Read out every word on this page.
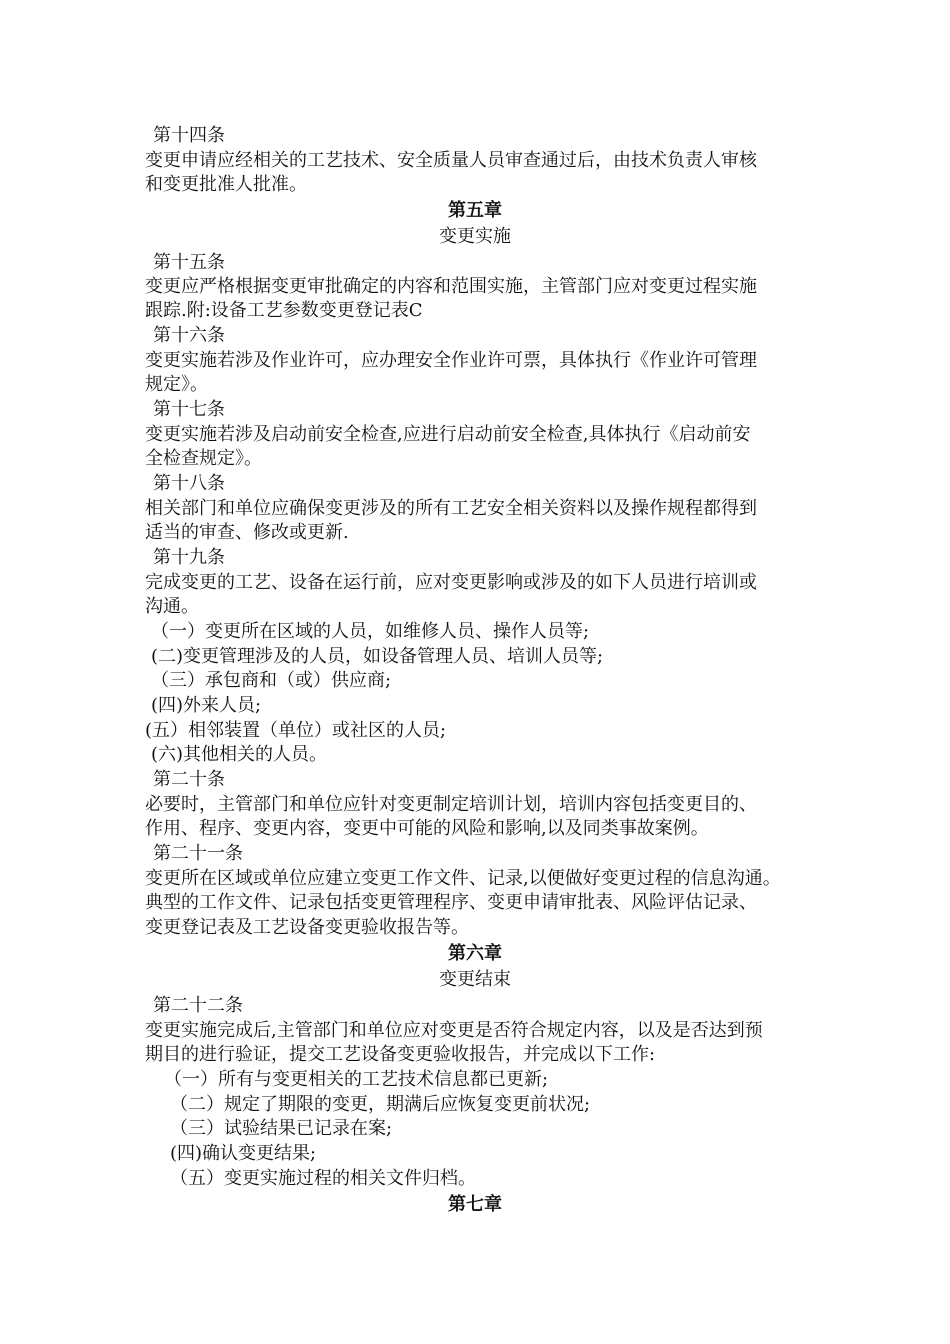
第十四条
变更申请应经相关的工艺技术、安全质量人员审查通过后，由技术负责人审核
和变更批准人批准。
第五章
变更实施
第十五条
变更应严格根据变更审批确定的内容和范围实施，主管部门应对变更过程实施
跟踪.附:设备工艺参数变更登记表C
第十六条
变更实施若涉及作业许可，应办理安全作业许可票，具体执行《作业许可管理
规定》。
第十七条
变更实施若涉及启动前安全检查,应进行启动前安全检查,具体执行《启动前安
全检查规定》。
第十八条
相关部门和单位应确保变更涉及的所有工艺安全相关资料以及操作规程都得到
适当的审查、修改或更新.
第十九条
完成变更的工艺、设备在运行前，应对变更影响或涉及的如下人员进行培训或
沟通。
（一）变更所在区域的人员，如维修人员、操作人员等;
(二)变更管理涉及的人员，如设备管理人员、培训人员等;
（三）承包商和（或）供应商;
(四)外来人员;
(五）相邻装置（单位）或社区的人员;
(六)其他相关的人员。
第二十条
必要时，主管部门和单位应针对变更制定培训计划，培训内容包括变更目的、
作用、程序、变更内容，变更中可能的风险和影响,以及同类事故案例。
第二十一条
变更所在区域或单位应建立变更工作文件、记录,以便做好变更过程的信息沟通。
典型的工作文件、记录包括变更管理程序、变更申请审批表、风险评估记录、
变更登记表及工艺设备变更验收报告等。
第六章
变更结束
第二十二条
变更实施完成后,主管部门和单位应对变更是否符合规定内容，以及是否达到预
期目的进行验证，提交工艺设备变更验收报告，并完成以下工作:
（一）所有与变更相关的工艺技术信息都已更新;
（二）规定了期限的变更，期满后应恢复变更前状况;
（三）试验结果已记录在案;
(四)确认变更结果;
（五）变更实施过程的相关文件归档。
第七章
